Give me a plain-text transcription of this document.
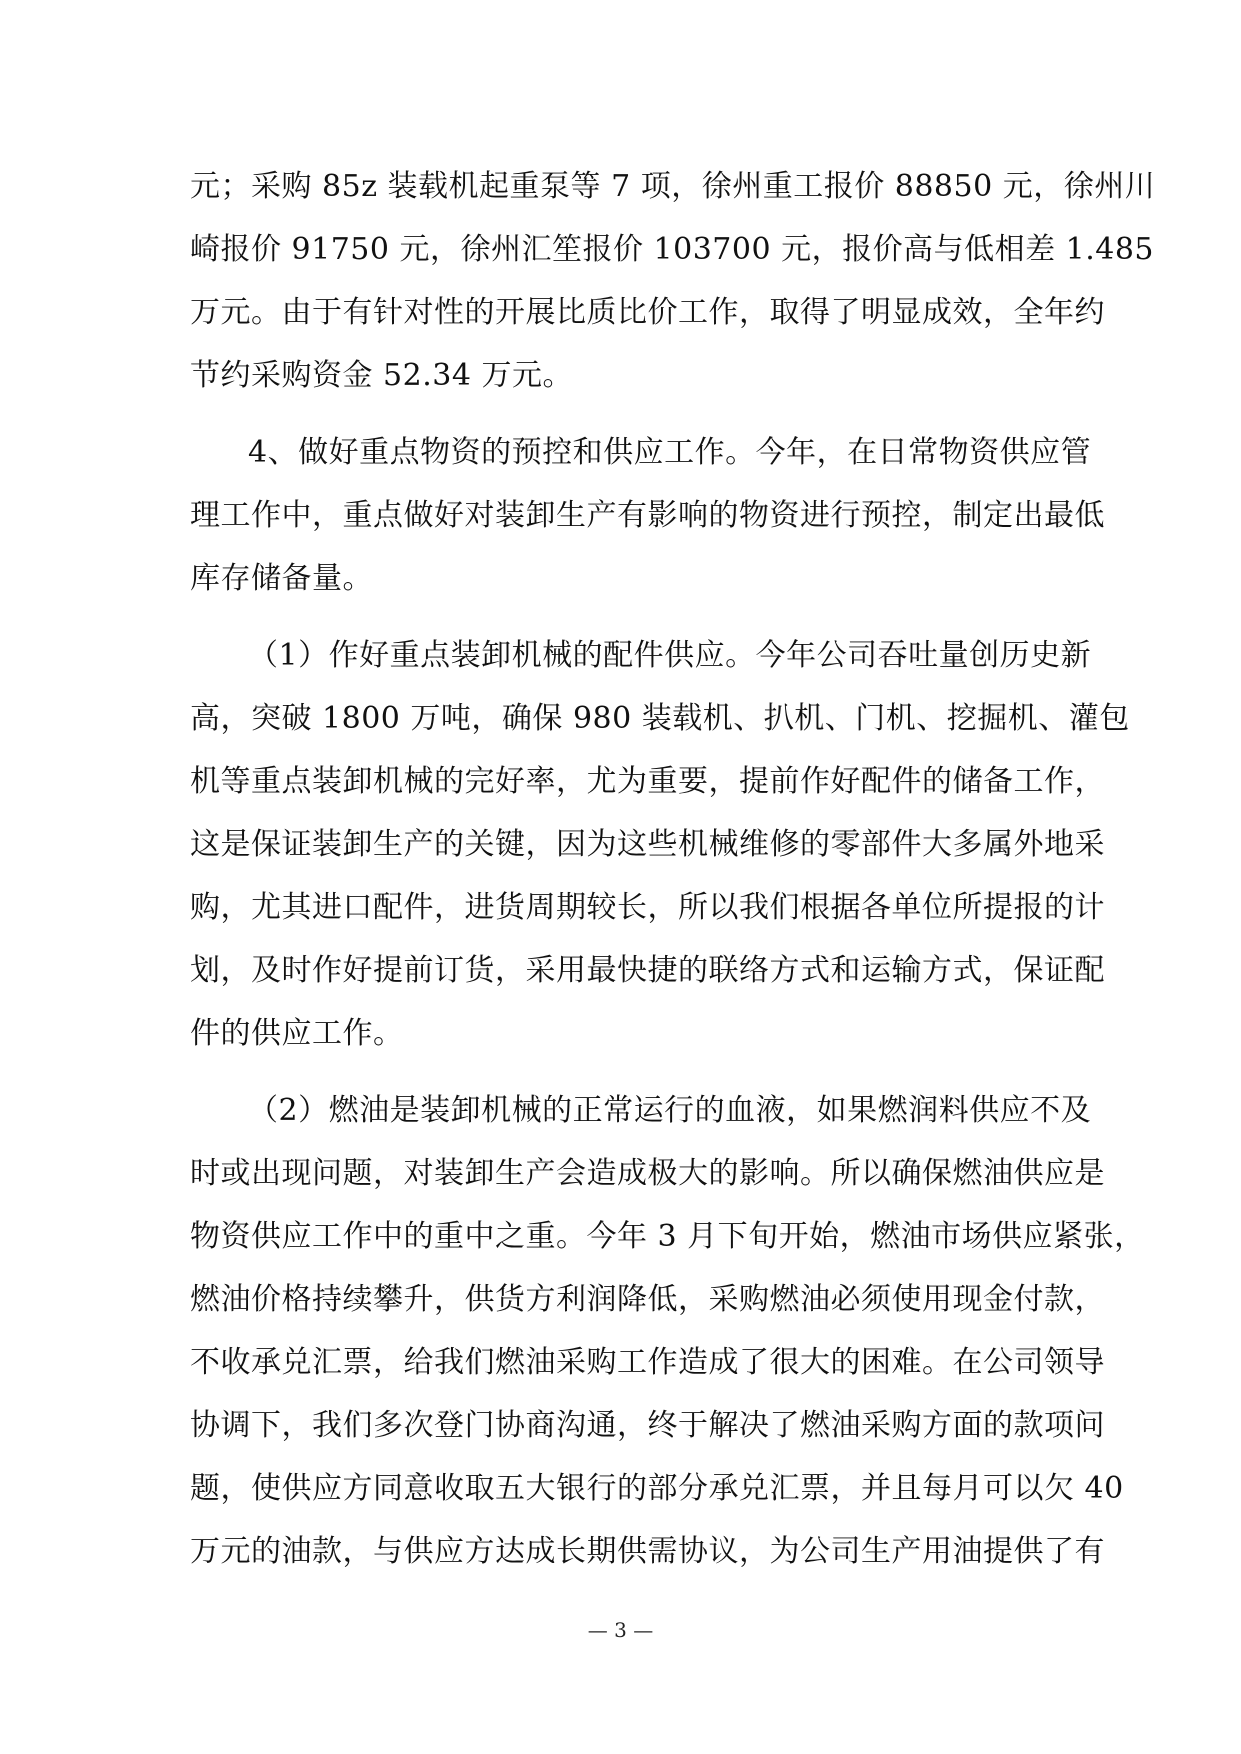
元；采购 85z 装载机起重泵等 7 项，徐州重工报价 88850 元，徐州川
崎报价 91750 元，徐州汇笙报价 103700 元，报价高与低相差 1.485
万元。由于有针对性的开展比质比价工作，取得了明显成效，全年约
节约采购资金 52.34 万元。
4、做好重点物资的预控和供应工作。今年，在日常物资供应管
理工作中，重点做好对装卸生产有影响的物资进行预控，制定出最低
库存储备量。
（1）作好重点装卸机械的配件供应。今年公司吞吐量创历史新
高，突破 1800 万吨，确保 980 装载机、扒机、门机、挖掘机、灌包
机等重点装卸机械的完好率，尤为重要，提前作好配件的储备工作，
这是保证装卸生产的关键，因为这些机械维修的零部件大多属外地采
购，尤其进口配件，进货周期较长，所以我们根据各单位所提报的计
划，及时作好提前订货，采用最快捷的联络方式和运输方式，保证配
件的供应工作。
（2）燃油是装卸机械的正常运行的血液，如果燃润料供应不及
时或出现问题，对装卸生产会造成极大的影响。所以确保燃油供应是
物资供应工作中的重中之重。今年 3 月下旬开始，燃油市场供应紧张，
燃油价格持续攀升，供货方利润降低，采购燃油必须使用现金付款，
不收承兑汇票，给我们燃油采购工作造成了很大的困难。在公司领导
协调下，我们多次登门协商沟通，终于解决了燃油采购方面的款项问
题，使供应方同意收取五大银行的部分承兑汇票，并且每月可以欠 40
万元的油款，与供应方达成长期供需协议，为公司生产用油提供了有
— 3 —
